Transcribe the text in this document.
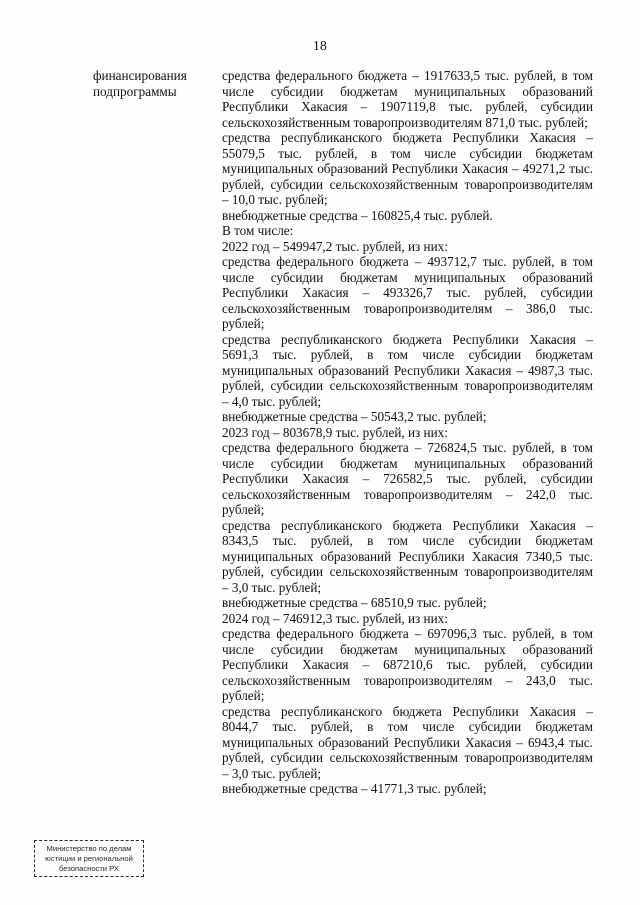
18
финансирования
подпрограммы

средства федерального бюджета – 1917633,5 тыс. рублей, в том числе субсидии бюджетам муниципальных образований Республики Хакасия – 1907119,8 тыс. рублей, субсидии сельскохозяйственным товаропроизводителям 871,0 тыс. рублей;

средства республиканского бюджета Республики Хакасия – 55079,5 тыс. рублей, в том числе субсидии бюджетам муниципальных образований Республики Хакасия – 49271,2 тыс. рублей, субсидии сельскохозяйственным товаропроизводителям – 10,0 тыс. рублей;

внебюджетные средства – 160825,4 тыс. рублей.

В том числе:

2022 год – 549947,2 тыс. рублей, из них:

средства федерального бюджета – 493712,7 тыс. рублей, в том числе субсидии бюджетам муниципальных образований Республики Хакасия – 493326,7 тыс. рублей, субсидии сельскохозяйственным товаропроизводителям – 386,0 тыс. рублей;

средства республиканского бюджета Республики Хакасия – 5691,3 тыс. рублей, в том числе субсидии бюджетам муниципальных образований Республики Хакасия – 4987,3 тыс. рублей, субсидии сельскохозяйственным товаропроизводителям – 4,0 тыс. рублей;

внебюджетные средства – 50543,2 тыс. рублей;

2023 год – 803678,9 тыс. рублей, из них:

средства федерального бюджета – 726824,5 тыс. рублей, в том числе субсидии бюджетам муниципальных образований Республики Хакасия – 726582,5 тыс. рублей, субсидии сельскохозяйственным товаропроизводителям – 242,0 тыс. рублей;

средства республиканского бюджета Республики Хакасия – 8343,5 тыс. рублей, в том числе субсидии бюджетам муниципальных образований Республики Хакасия 7340,5 тыс. рублей, субсидии сельскохозяйственным товаропроизводителям – 3,0 тыс. рублей;

внебюджетные средства – 68510,9 тыс. рублей;

2024 год – 746912,3 тыс. рублей, из них:

средства федерального бюджета – 697096,3 тыс. рублей, в том числе субсидии бюджетам муниципальных образований Республики Хакасия – 687210,6 тыс. рублей, субсидии сельскохозяйственным товаропроизводителям – 243,0 тыс. рублей;

средства республиканского бюджета Республики Хакасия – 8044,7 тыс. рублей, в том числе субсидии бюджетам муниципальных образований Республики Хакасия – 6943,4 тыс. рублей, субсидии сельскохозяйственным товаропроизводителям – 3,0 тыс. рублей;

внебюджетные средства – 41771,3 тыс. рублей;

Министерство по делам
юстиции и региональной
безопасности РХ
